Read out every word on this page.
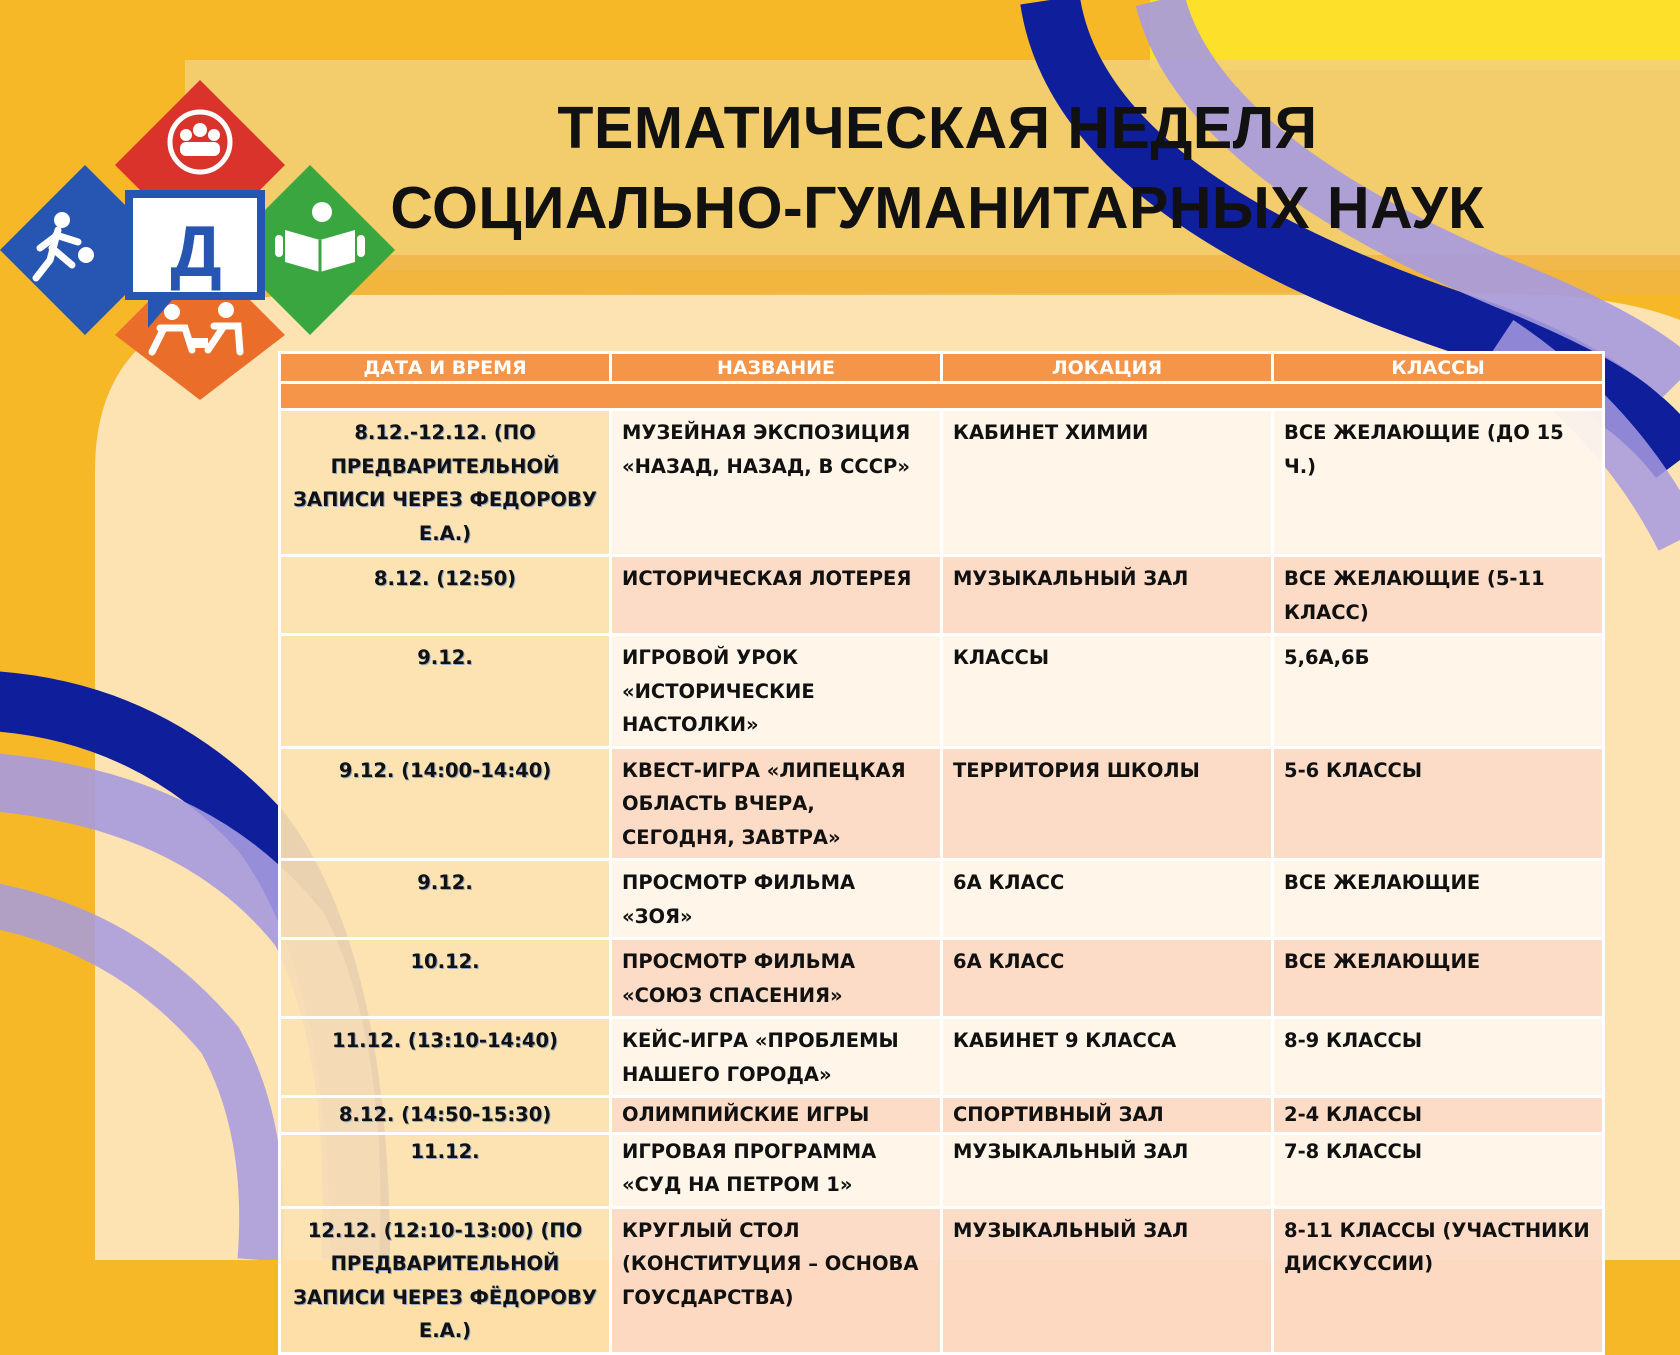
Д
ТЕМАТИЧЕСКАЯ НЕДЕЛЯ
СОЦИАЛЬНО-ГУМАНИТАРНЫХ НАУК
ДАТА И ВРЕМЯ	НАЗВАНИЕ	ЛОКАЦИЯ	КЛАССЫ

8.12.-12.12. (ПО ПРЕДВАРИТЕЛЬНОЙ ЗАПИСИ ЧЕРЕЗ ФЕДОРОВУ Е.А.)	МУЗЕЙНАЯ ЭКСПОЗИЦИЯ «НАЗАД, НАЗАД, В СССР»	КАБИНЕТ ХИМИИ	ВСЕ ЖЕЛАЮЩИЕ (ДО 15 Ч.)
8.12. (12:50)	ИСТОРИЧЕСКАЯ ЛОТЕРЕЯ	МУЗЫКАЛЬНЫЙ ЗАЛ	ВСЕ ЖЕЛАЮЩИЕ (5-11 КЛАСС)
9.12.	ИГРОВОЙ УРОК «ИСТОРИЧЕСКИЕ НАСТОЛКИ»	КЛАССЫ	5,6А,6Б
9.12. (14:00-14:40)	КВЕСТ-ИГРА «ЛИПЕЦКАЯ ОБЛАСТЬ ВЧЕРА, СЕГОДНЯ, ЗАВТРА»	ТЕРРИТОРИЯ ШКОЛЫ	5-6 КЛАССЫ
9.12.	ПРОСМОТР ФИЛЬМА «ЗОЯ»	6А КЛАСС	ВСЕ ЖЕЛАЮЩИЕ
10.12.	ПРОСМОТР ФИЛЬМА «СОЮЗ СПАСЕНИЯ»	6А КЛАСС	ВСЕ ЖЕЛАЮЩИЕ
11.12. (13:10-14:40)	КЕЙС-ИГРА «ПРОБЛЕМЫ НАШЕГО ГОРОДА»	КАБИНЕТ 9 КЛАССА	8-9 КЛАССЫ
8.12. (14:50-15:30)	ОЛИМПИЙСКИЕ ИГРЫ	СПОРТИВНЫЙ ЗАЛ	2-4 КЛАССЫ
11.12.	ИГРОВАЯ ПРОГРАММА «СУД НА ПЕТРОМ 1»	МУЗЫКАЛЬНЫЙ ЗАЛ	7-8 КЛАССЫ
12.12. (12:10-13:00) (ПО ПРЕДВАРИТЕЛЬНОЙ ЗАПИСИ ЧЕРЕЗ ФЁДОРОВУ Е.А.)	КРУГЛЫЙ СТОЛ (КОНСТИТУЦИЯ – ОСНОВА ГОУСДАРСТВА)	МУЗЫКАЛЬНЫЙ ЗАЛ	8-11 КЛАССЫ (УЧАСТНИКИ ДИСКУССИИ)
